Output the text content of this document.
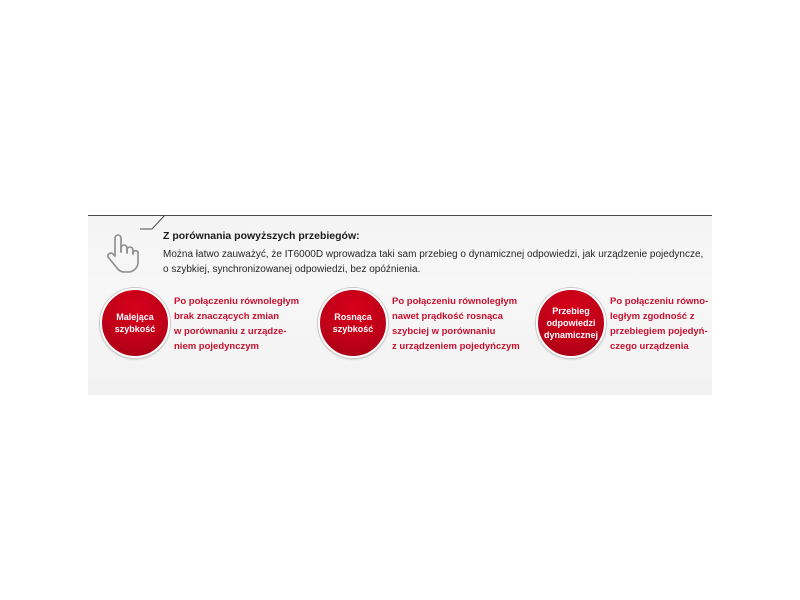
Z porównania powyższych przebiegów:
Można łatwo zauważyć, że IT6000D wprowadza taki sam przebieg o dynamicznej odpowiedzi, jak urządzenie pojedyncze,
o szybkiej, synchronizowanej odpowiedzi, bez opóźnienia.
Malejąca
szybkość
Po połączeniu równoległym
brak znaczących zmian
w porównaniu z urządze-
niem pojedynczym
Rosnąca
szybkość
Po połączeniu równoległym
nawet prądkość rosnąca
szybciej w porównaniu
z urządzeniem pojedyńczym
Przebieg
odpowiedzi
dynamicznej
Po połączeniu równo-
ległym zgodność z
przebiegiem pojedyń-
czego urządzenia
